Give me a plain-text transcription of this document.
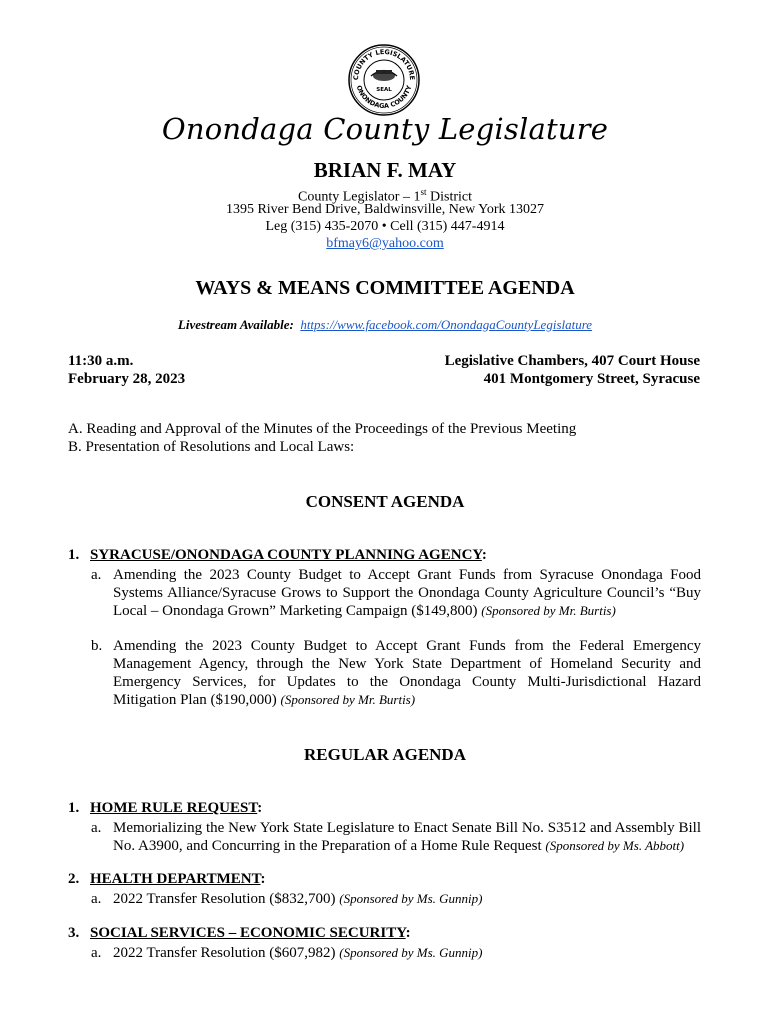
COUNTY LEGISLATURE
ONONDAGA COUNTY
SEAL
Onondaga County Legislature
BRIAN F. MAY
County Legislator – 1st District
1395 River Bend Drive, Baldwinsville, New York 13027
Leg (315) 435-2070 • Cell (315) 447-4914
bfmay6@yahoo.com
WAYS & MEANS COMMITTEE AGENDA
Livestream Available: https://www.facebook.com/OnondagaCountyLegislature
11:30 a.m.
February 28, 2023
Legislative Chambers, 407 Court House
401 Montgomery Street, Syracuse
A. Reading and Approval of the Minutes of the Proceedings of the Previous Meeting
B. Presentation of Resolutions and Local Laws:
CONSENT AGENDA
1. SYRACUSE/ONONDAGA COUNTY PLANNING AGENCY:
a. Amending the 2023 County Budget to Accept Grant Funds from Syracuse Onondaga Food Systems Alliance/Syracuse Grows to Support the Onondaga County Agriculture Council’s “Buy Local – Onondaga Grown” Marketing Campaign ($149,800) (Sponsored by Mr. Burtis)
b. Amending the 2023 County Budget to Accept Grant Funds from the Federal Emergency Management Agency, through the New York State Department of Homeland Security and Emergency Services, for Updates to the Onondaga County Multi-Jurisdictional Hazard Mitigation Plan ($190,000) (Sponsored by Mr. Burtis)
REGULAR AGENDA
1. HOME RULE REQUEST:
a. Memorializing the New York State Legislature to Enact Senate Bill No. S3512 and Assembly Bill No. A3900, and Concurring in the Preparation of a Home Rule Request (Sponsored by Ms. Abbott)
2. HEALTH DEPARTMENT:
a. 2022 Transfer Resolution ($832,700) (Sponsored by Ms. Gunnip)
3. SOCIAL SERVICES – ECONOMIC SECURITY:
a. 2022 Transfer Resolution ($607,982) (Sponsored by Ms. Gunnip)
